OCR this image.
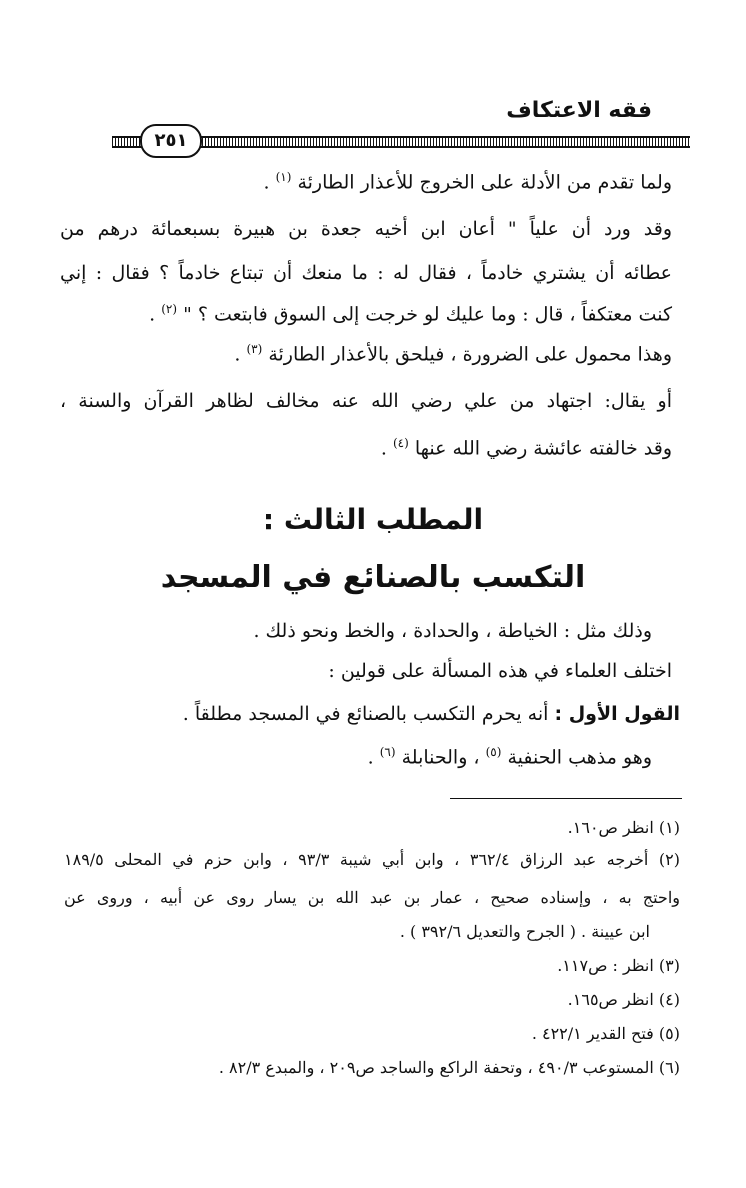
فقه الاعتكاف
٢٥١
ولما تقدم من الأدلة على الخروج للأعذار الطارئة $^{(١)}$ .
وقد ورد أن علياً " أعان ابن أخيه جعدة بن هبيرة بسبعمائة درهم من
عطائه أن يشتري خادماً ، فقال له : ما منعك أن تبتاع خادماً ؟ فقال : إني
كنت معتكفاً ، قال : وما عليك لو خرجت إلى السوق فابتعت ؟ " $^{(٢)}$ .
وهذا محمول على الضرورة ، فيلحق بالأعذار الطارئة $^{(٣)}$ .
أو يقال: اجتهاد من علي رضي الله عنه مخالف لظاهر القرآن والسنة ،
وقد خالفته عائشة رضي الله عنها $^{(٤)}$ .
المطلب الثالث :
التكسب بالصنائع في المسجد
وذلك مثل : الخياطة ، والحدادة ، والخط ونحو ذلك .
اختلف العلماء في هذه المسألة على قولين :
القول الأول : أنه يحرم التكسب بالصنائع في المسجد مطلقاً .
وهو مذهب الحنفية $^{(٥)}$ ، والحنابلة $^{(٦)}$ .
(١) انظر ص١٦٠.
(٢) أخرجه عبد الرزاق ٣٦٢/٤ ، وابن أبي شيبة ٩٣/٣ ، وابن حزم في المحلى ١٨٩/٥
واحتج به ، وإسناده صحيح ، عمار بن عبد الله بن يسار روى عن أبيه ، وروى عن
ابن عيينة . ( الجرح والتعديل ٣٩٢/٦ ) .
(٣) انظر : ص١١٧.
(٤) انظر ص١٦٥.
(٥) فتح القدير ٤٢٢/١ .
(٦) المستوعب ٤٩٠/٣ ، وتحفة الراكع والساجد ص٢٠٩ ، والمبدع ٨٢/٣ .
